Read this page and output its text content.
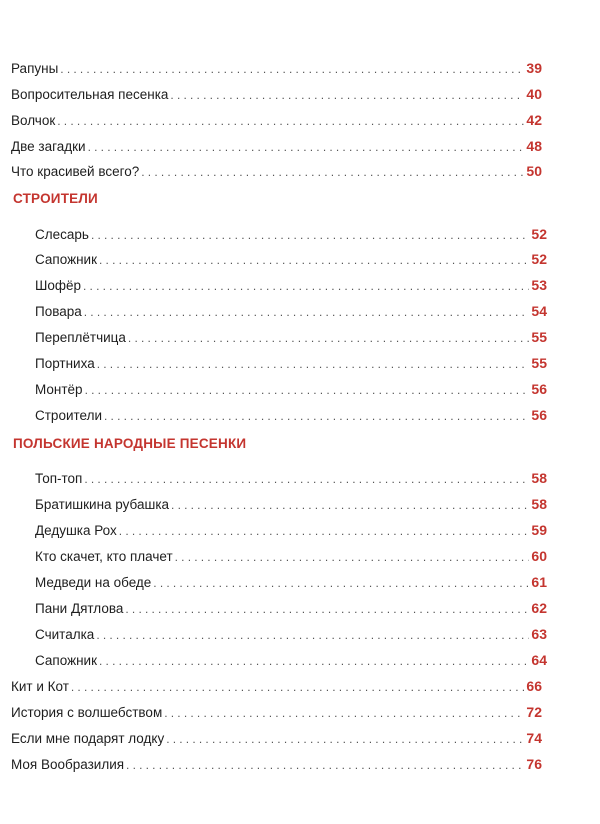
Рапуны .....	39
Вопросительная песенка .....	40
Волчок .....	42
Две загадки .....	48
Что красивей всего? .....	50
СТРОИТЕЛИ
Слесарь .....	52
Сапожник .....	52
Шофёр .....	53
Повара .....	54
Переплётчица .....	55
Портниха .....	55
Монтёр .....	56
Строители .....	56
ПОЛЬСКИЕ НАРОДНЫЕ ПЕСЕНКИ
Топ-топ .....	58
Братишкина рубашка .....	58
Дедушка Рох .....	59
Кто скачет, кто плачет .....	60
Медведи на обеде .....	61
Пани Дятлова .....	62
Считалка .....	63
Сапожник .....	64
Кит и Кот .....	66
История с волшебством .....	72
Если мне подарят лодку .....	74
Моя Вообразилия .....	76
